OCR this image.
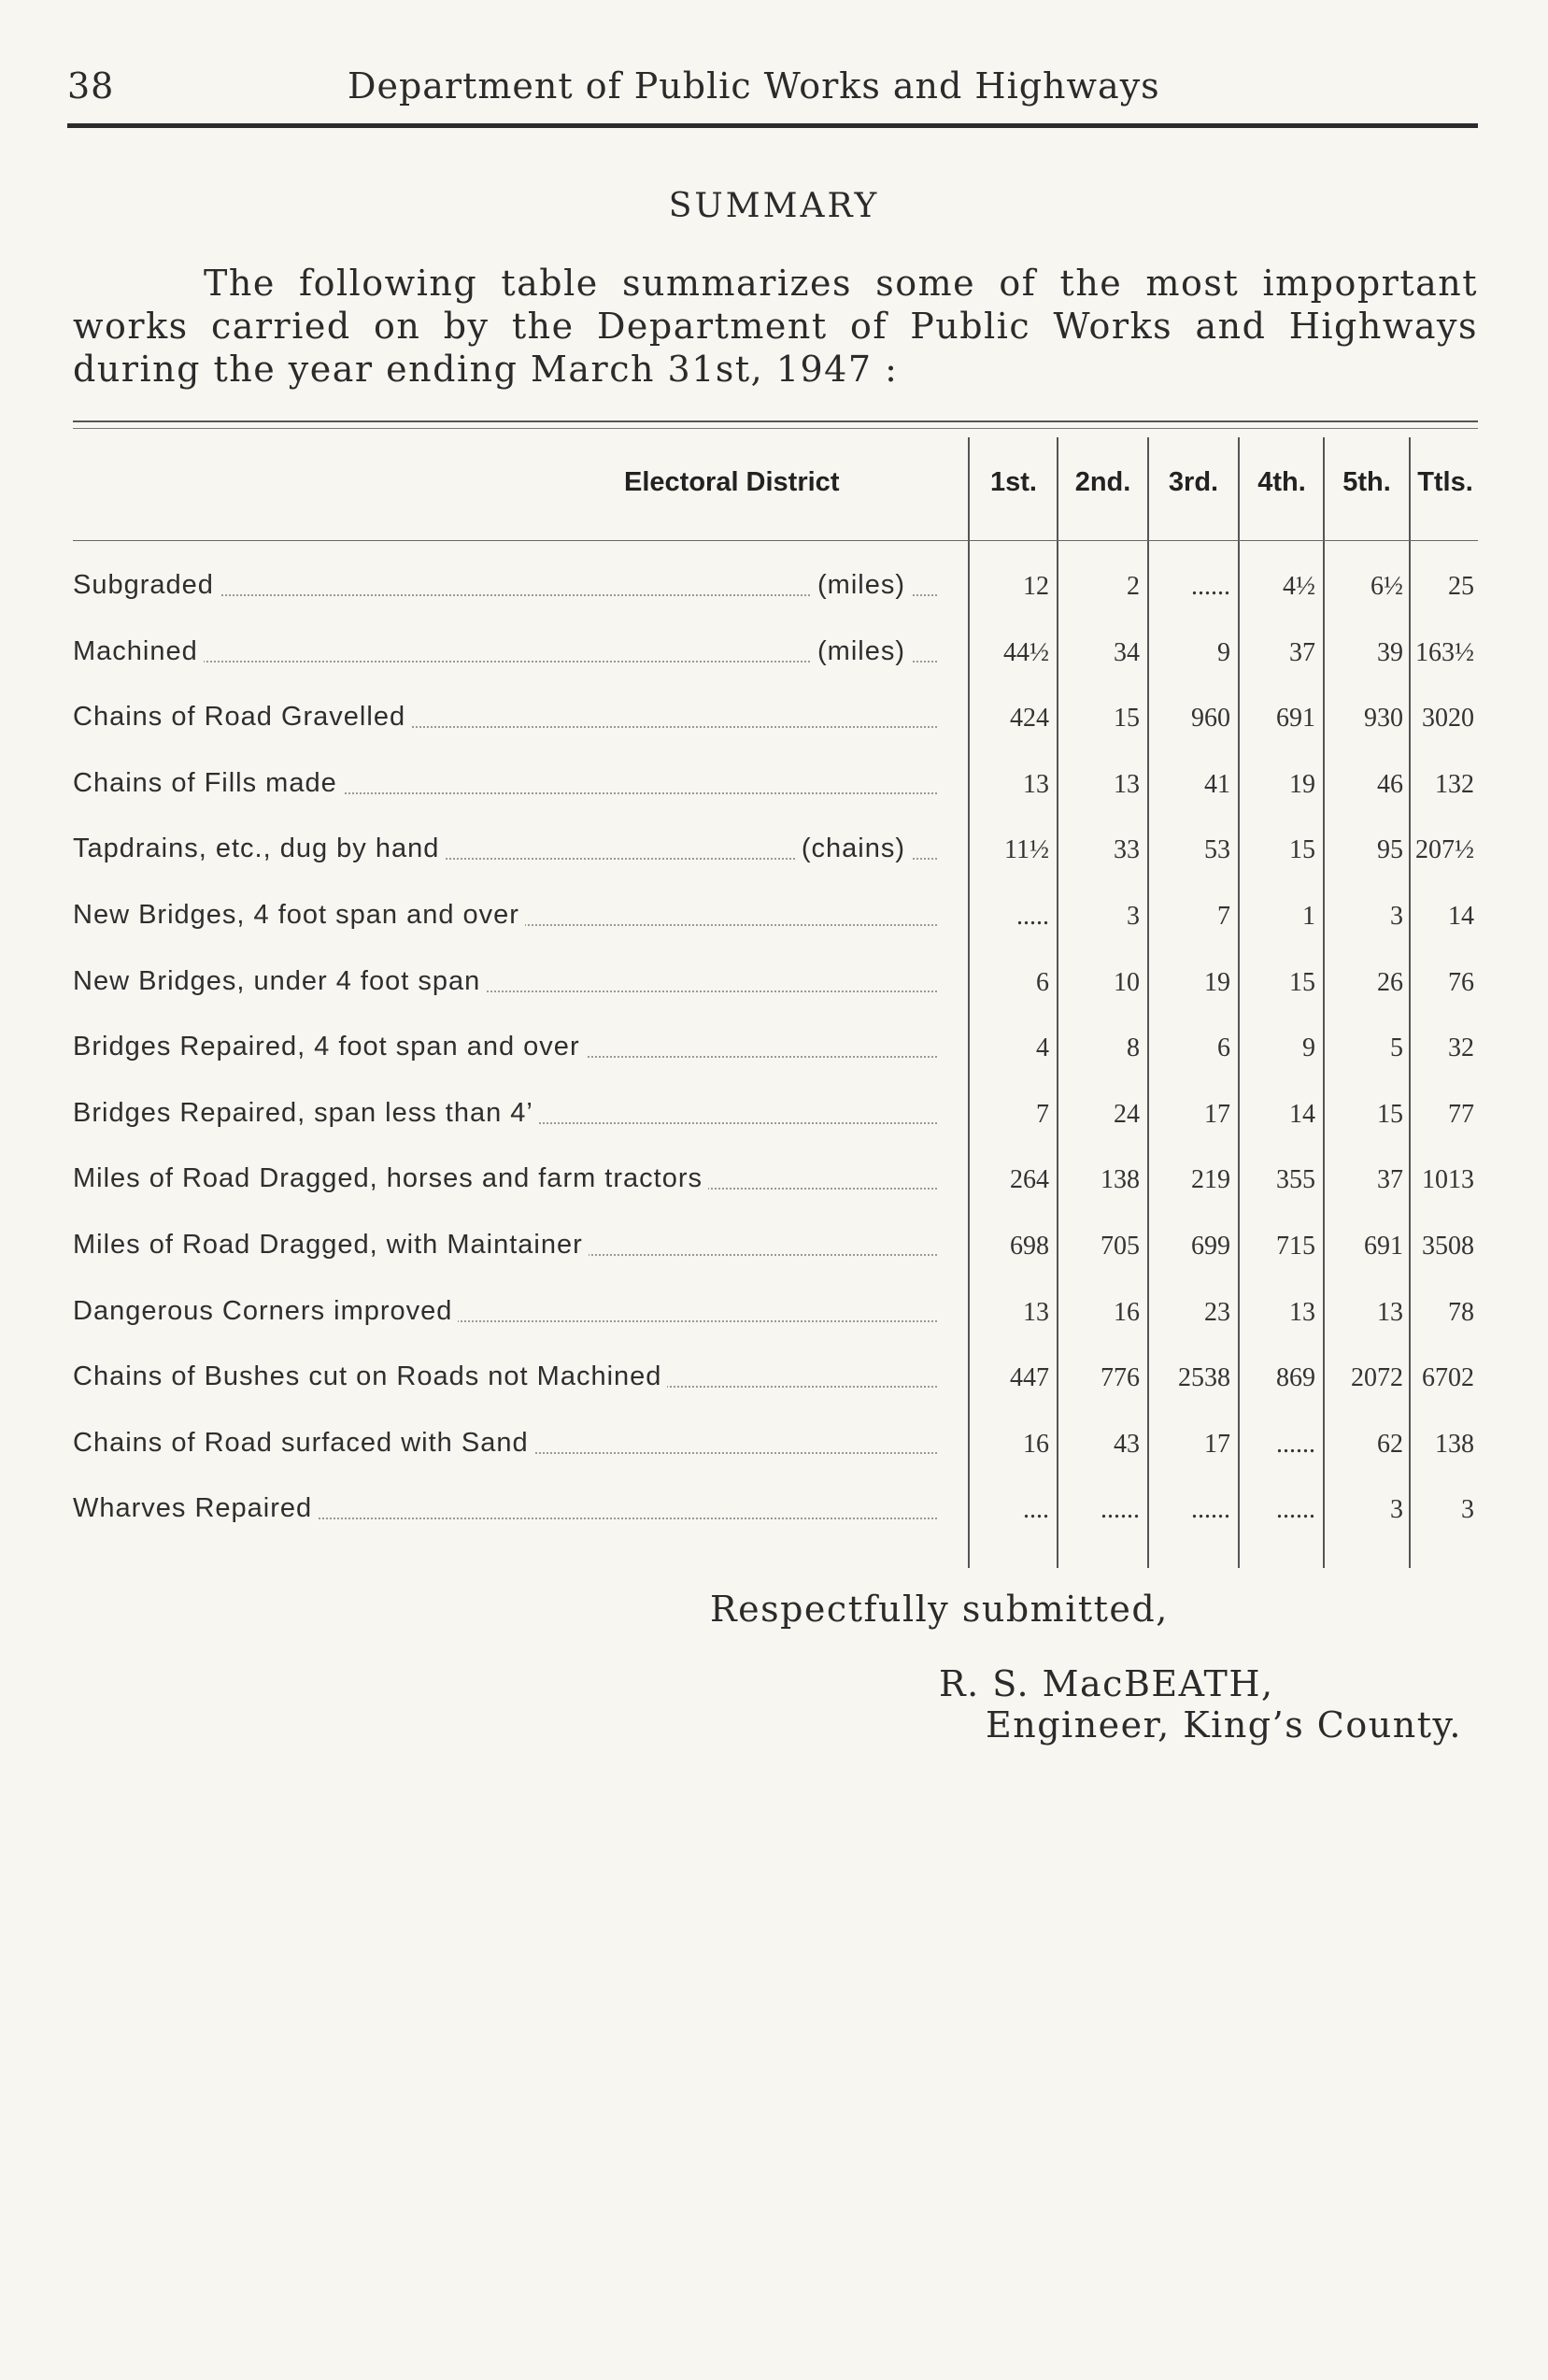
38	Department of Public Works and Highways
SUMMARY
The following table summarizes some of the most impoprtant
works carried on by the Department of Public Works and Highways
during the year ending March 31st, 1947 :
Electoral District	1st.	2nd.	3rd.	4th.	5th. Ttls.
Subgraded	(miles)	12	2	......	4½	6½	25
Machined	(miles)	44½	34	9	37	39 163½
Chains of Road Gravelled	424	15	960	691	930 3020
Chains of Fills made	13	13	41	19	46	132
Tapdrains, etc., dug by hand	(chains)	11½	33	53	15	95 207½
New Bridges, 4 foot span and over	.....	3	7	1	3	14
New Bridges, under 4 foot span	6	10	19	15	26	76
Bridges Repaired, 4 foot span and over	4	8	6	9	5	32
Bridges Repaired, span less than 4’	7	24	17	14	15	77
Miles of Road Dragged, horses and farm tractors	264	138	219	355	37 1013
Miles of Road Dragged, with Maintainer	698	705	699	715	691 3508
Dangerous Corners improved	13	16	23	13	13	78
Chains of Bushes cut on Roads not Machined	447	776	2538	869	2072 6702
Chains of Road surfaced with Sand	16	43	17	......	62	138
Wharves Repaired	....	......	......	......	3	3
Respectfully submitted,
R. S. MacBEATH,
Engineer, King’s County.
